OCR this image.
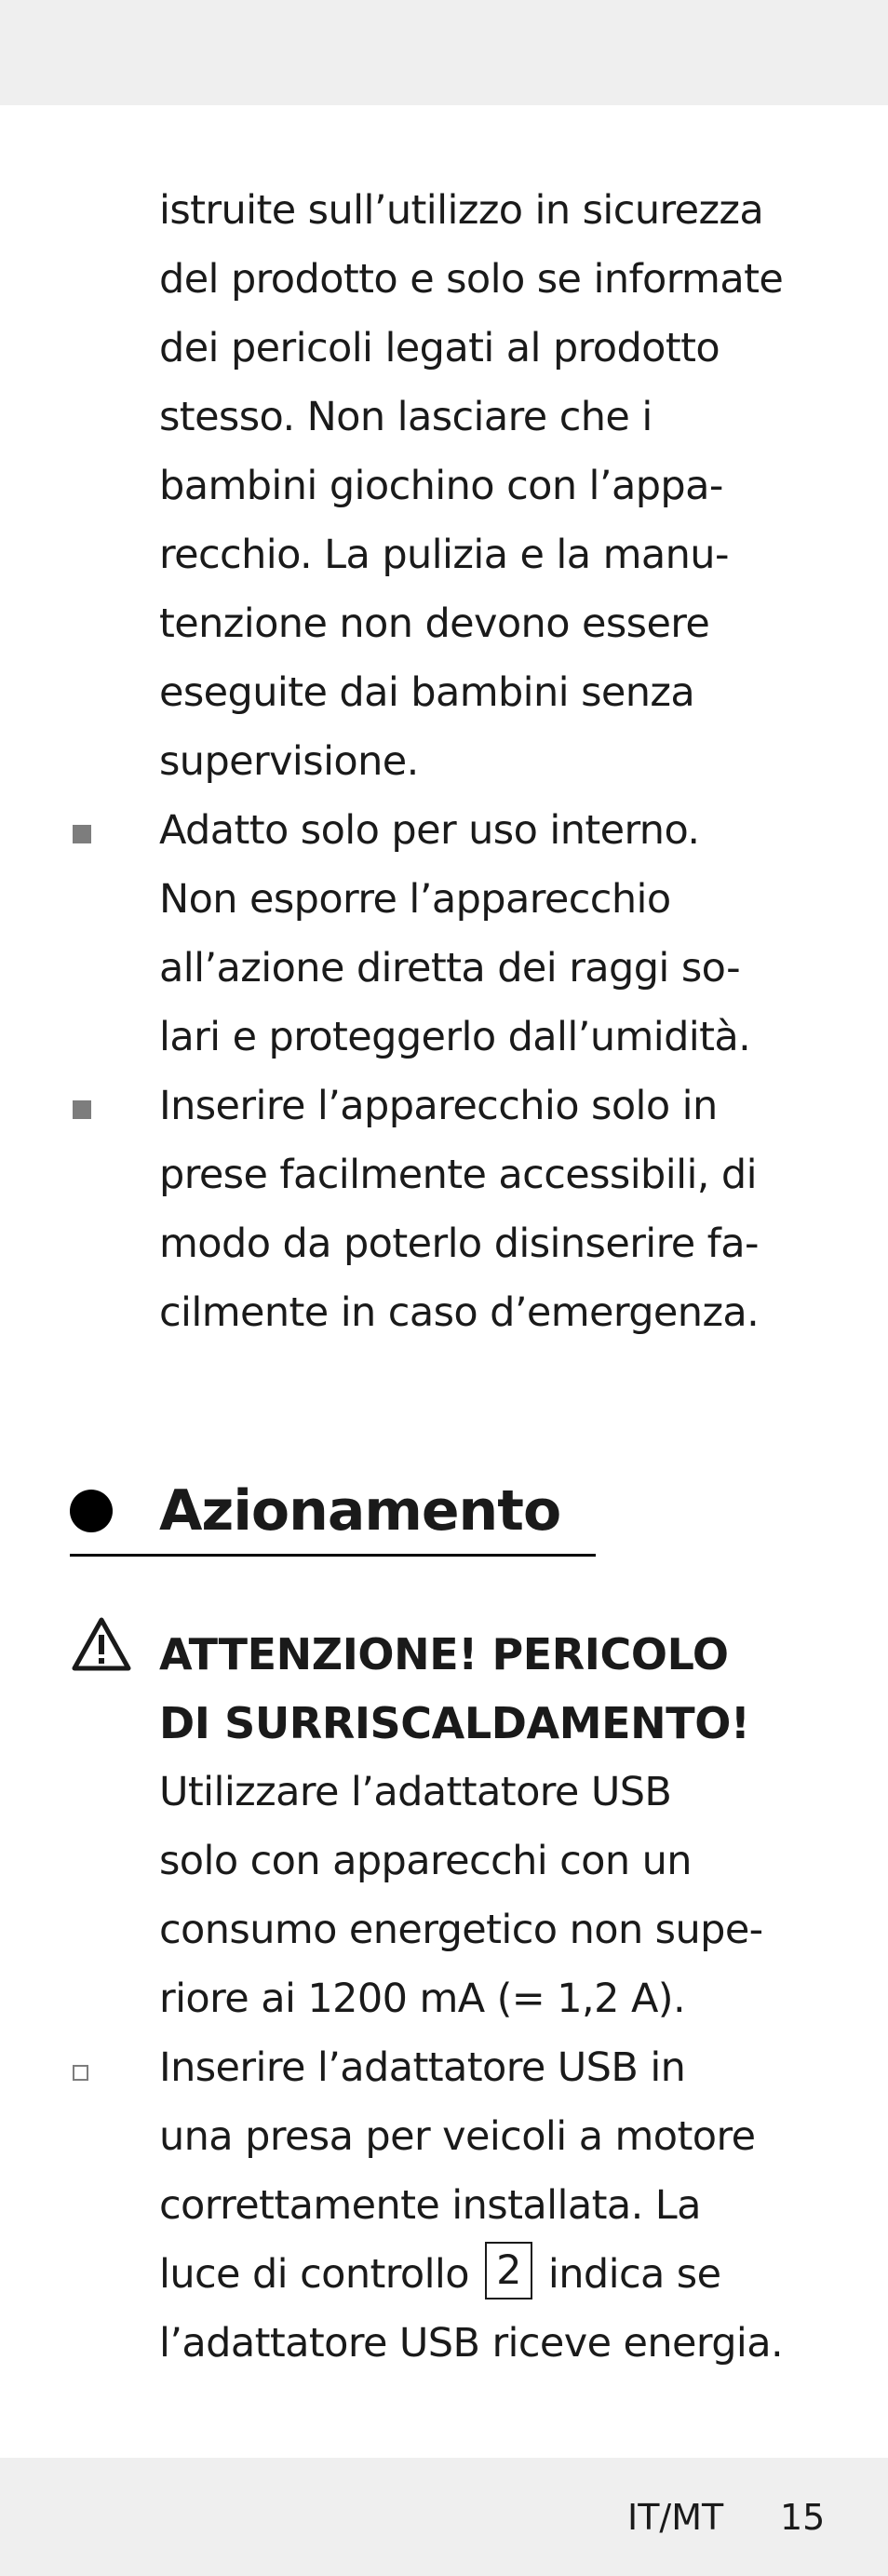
istruite sull’utilizzo in sicurezza
del prodotto e solo se informate
dei pericoli legati al prodotto
stesso. Non lasciare che i
bambini giochino con l’appa-
recchio. La pulizia e la manu-
tenzione non devono essere
eseguite dai bambini senza
supervisione.

Adatto solo per uso interno.
Non esporre l’apparecchio
all’azione diretta dei raggi so-
lari e proteggerlo dall’umidità.

Inserire l’apparecchio solo in
prese facilmente accessibili, di
modo da poterlo disinserire fa-
cilmente in caso d’emergenza.

Azionamento
ATTENZIONE! PERICOLO
DI SURRISCALDAMENTO!

Utilizzare l’adattatore USB
solo con apparecchi con un
consumo energetico non supe-
riore ai 1200 mA (= 1,2 A).

Inserire l’adattatore USB in
una presa per veicoli a motore
correttamente installata. La
luce di controllo 2 indica se
l’adattatore USB riceve energia.

IT/MT 15
